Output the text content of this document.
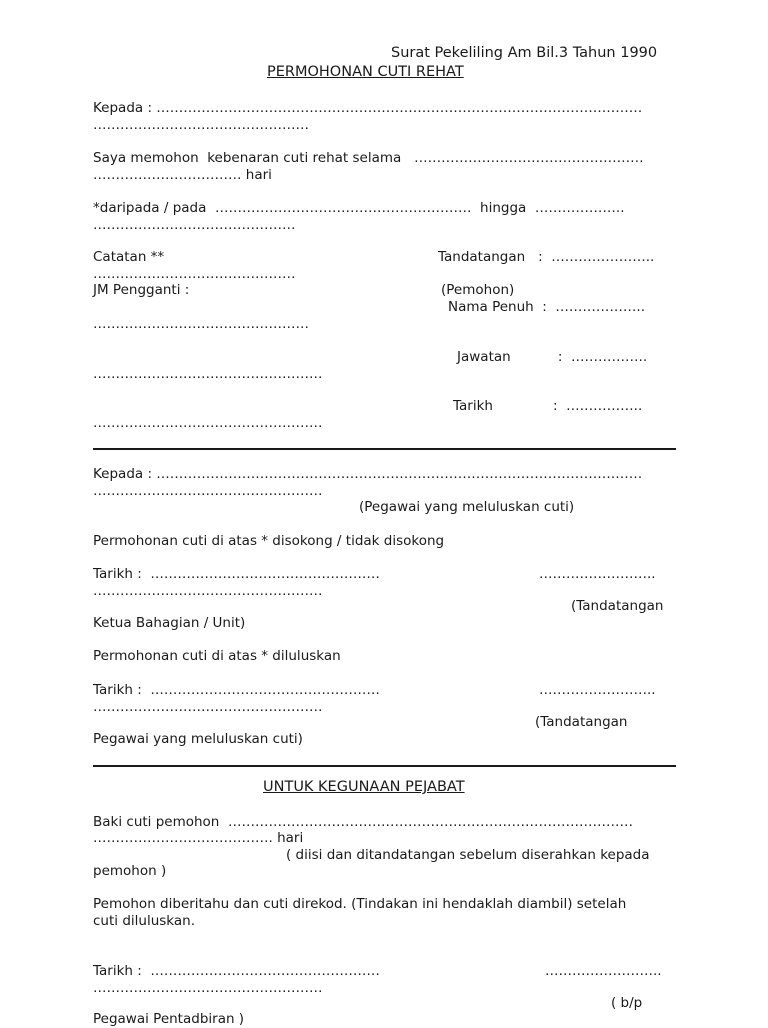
Surat Pekeliling Am Bil.3 Tahun 1990
PERMOHONAN CUTI REHAT
Kepada : ………………………………………………………………………………………………
…………………………………………
Saya memohon  kebenaran cuti rehat selama   ……………………………………………
…………………………… hari
*daripada / pada  …………………………………………………  hingga  ………………..
………………………………………
Catatan **	Tandatangan   :  …………………..
………………………………………
JM Pengganti :	(Pemohon)
Nama Penuh  :  ………………..
…………………………………………
Jawatan           :  ……………..
……………………………………………
Tarikh              :  ……………..
……………………………………………
Kepada : ………………………………………………………………………………………………
……………………………………………
(Pegawai yang meluluskan cuti)
Permohonan cuti di atas * disokong / tidak disokong
Tarikh :  ……………………………………………	……………………..
……………………………………………
(Tandatangan
Ketua Bahagian / Unit)
Permohonan cuti di atas * diluluskan
Tarikh :  ……………………………………………	……………………..
……………………………………………
(Tandatangan
Pegawai yang meluluskan cuti)
UNTUK KEGUNAAN PEJABAT
Baki cuti pemohon  ………………………………………………………………………………
…………………………………. hari
( diisi dan ditandatangan sebelum diserahkan kepada
pemohon )
Pemohon diberitahu dan cuti direkod. (Tindakan ini hendaklah diambil) setelah
cuti diluluskan.
Tarikh :  ……………………………………………	……………………..
……………………………………………
( b/p
Pegawai Pentadbiran )
